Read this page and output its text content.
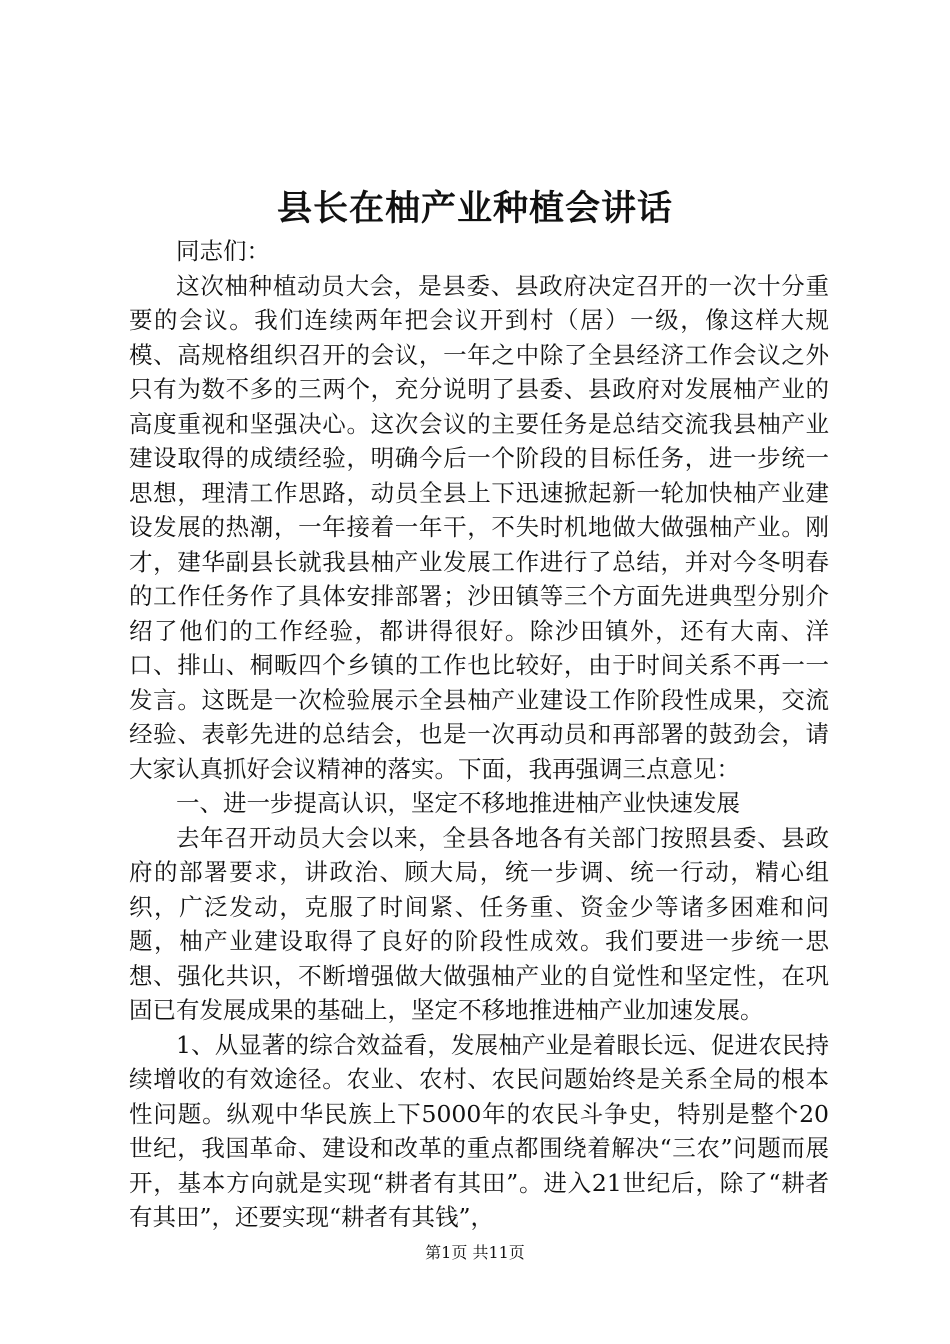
县长在柚产业种植会讲话

同志们：

这次柚种植动员大会，是县委、县政府决定召开的一次十分重要的会议。我们连续两年把会议开到村（居）一级，像这样大规模、高规格组织召开的会议，一年之中除了全县经济工作会议之外只有为数不多的三两个，充分说明了县委、县政府对发展柚产业的高度重视和坚强决心。这次会议的主要任务是总结交流我县柚产业建设取得的成绩经验，明确今后一个阶段的目标任务，进一步统一思想，理清工作思路，动员全县上下迅速掀起新一轮加快柚产业建设发展的热潮，一年接着一年干，不失时机地做大做强柚产业。刚才，建华副县长就我县柚产业发展工作进行了总结，并对今冬明春的工作任务作了具体安排部署；沙田镇等三个方面先进典型分别介绍了他们的工作经验，都讲得很好。除沙田镇外，还有大南、洋口、排山、桐畈四个乡镇的工作也比较好，由于时间关系不再一一发言。这既是一次检验展示全县柚产业建设工作阶段性成果，交流经验、表彰先进的总结会，也是一次再动员和再部署的鼓劲会，请大家认真抓好会议精神的落实。下面，我再强调三点意见：

一、进一步提高认识，坚定不移地推进柚产业快速发展

去年召开动员大会以来，全县各地各有关部门按照县委、县政府的部署要求，讲政治、顾大局，统一步调、统一行动，精心组织，广泛发动，克服了时间紧、任务重、资金少等诸多困难和问题，柚产业建设取得了良好的阶段性成效。我们要进一步统一思想、强化共识，不断增强做大做强柚产业的自觉性和坚定性，在巩固已有发展成果的基础上，坚定不移地推进柚产业加速发展。

1、从显著的综合效益看，发展柚产业是着眼长远、促进农民持续增收的有效途径。农业、农村、农民问题始终是关系全局的根本性问题。纵观中华民族上下5000年的农民斗争史，特别是整个20世纪，我国革命、建设和改革的重点都围绕着解决“三农”问题而展开，基本方向就是实现“耕者有其田”。进入21世纪后，除了“耕者有其田”，还要实现“耕者有其钱”，

第1页 共11页
